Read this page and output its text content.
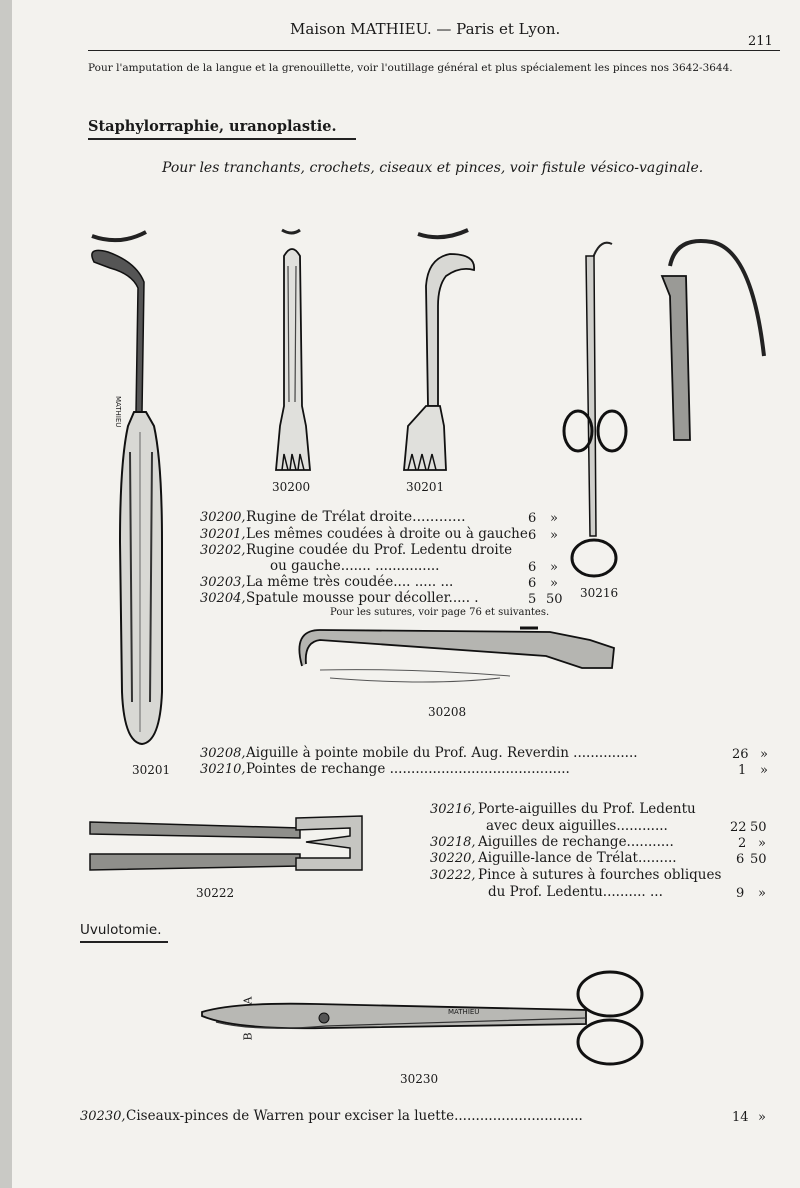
Maison MATHIEU. — Paris et Lyon.
211
Pour l'amputation de la langue et la grenouillette, voir l'outillage général et plus spécialement les pinces nos 3642-3644.
Staphylorraphie, uranoplastie.
Pour les tranchants, crochets, ciseaux et pinces, voir fistule vésico-vaginale.
MATHIEU
30200	30201
30216
30200, Rugine de Trélat droite............	6 »
30201, Les mêmes coudées à droite ou à gauche 6 »
30202, Rugine coudée du Prof. Ledentu droite
ou gauche....... ...............	6 »
30203, La même très coudée.... ..... ...	6 »
30204, Spatule mousse pour décoller..... .	5 50
Pour les sutures, voir page 76 et suivantes.
30208
30208, Aiguille à pointe mobile du Prof. Aug. Reverdin ...............	26 »
30201 30210, Pointes de rechange ..........................................	1 »
30222
30216, Porte-aiguilles du Prof. Ledentu
avec deux aiguilles............	22 50
30218, Aiguilles de rechange...........	2 »
30220, Aiguille-lance de Trélat.........	6 50
30222, Pince à sutures à fourches obliques
du Prof. Ledentu.......... ...	9 »
Uvulotomie.
A
B
MATHIEU
30230
30230, Ciseaux-pinces de Warren pour exciser la luette..............................	14 »
